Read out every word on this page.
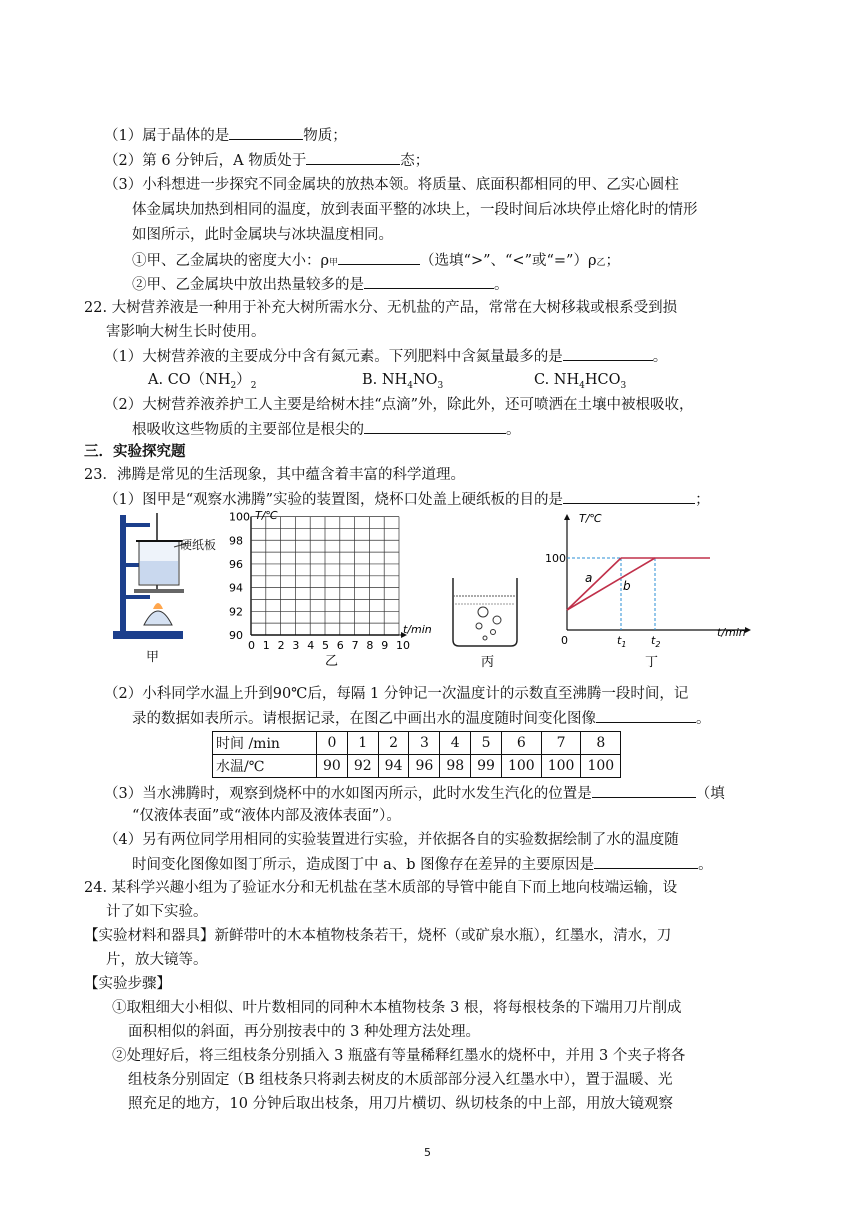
（1）属于晶体的是	物质；
（2）第 6 分钟后，A 物质处于	态；
（3）小科想进一步探究不同金属块的放热本领。将质量、底面积都相同的甲、乙实心圆柱
体金属块加热到相同的温度，放到表面平整的冰块上，一段时间后冰块停止熔化时的情形
如图所示，此时金属块与冰块温度相同。
①甲、乙金属块的密度大小：ρ甲	（选填“>”、“<”或“=”）ρ乙；
②甲、乙金属块中放出热量较多的是	。
22. 大树营养液是一种用于补充大树所需水分、无机盐的产品，常常在大树移栽或根系受到损
害影响大树生长时使用。
（1）大树营养液的主要成分中含有氮元素。下列肥料中含氮量最多的是	。
A. $CO(NH_2)_2$	B. $NH_4NO_3$	C. $NH_4HCO_3$
（2）大树营养液养护工人主要是给树木挂“点滴”外，除此外，还可喷洒在土壤中被根吸收，
根吸收这些物质的主要部位是根尖的	。
三．实验探究题
23．沸腾是常见的生活现象，其中蕴含着丰富的科学道理。
（1）图甲是“观察水沸腾”实验的装置图，烧杯口处盖上硬纸板的目的是	；
硬纸板
甲
T/℃
t/min
90
92
94
96
98
100
0 1 2 3 4 5 6 7 8 9 10
乙	丙
T/℃
t/min
100
0	$t_1$ $t_2$
a
b
丁
（2）小科同学水温上升到90℃后，每隔 1 分钟记一次温度计的示数直至沸腾一段时间，记
录的数据如表所示。请根据记录，在图乙中画出水的温度随时间变化图像	。
时间 /min	0	1	2	3	4	5	6	7	8
水温/℃	90	92	94	96	98	99	100	100	100
（3）当水沸腾时，观察到烧杯中的水如图丙所示，此时水发生汽化的位置是	（填
“仅液体表面”或“液体内部及液体表面”）。
（4）另有两位同学用相同的实验装置进行实验，并依据各自的实验数据绘制了水的温度随
时间变化图像如图丁所示，造成图丁中 a、b 图像存在差异的主要原因是	。
24. 某科学兴趣小组为了验证水分和无机盐在茎木质部的导管中能自下而上地向枝端运输，设
计了如下实验。
【实验材料和器具】新鲜带叶的木本植物枝条若干，烧杯（或矿泉水瓶），红墨水，清水，刀
片，放大镜等。
【实验步骤】
①取粗细大小相似、叶片数相同的同种木本植物枝条 3 根，将每根枝条的下端用刀片削成
面积相似的斜面，再分别按表中的 3 种处理方法处理。
②处理好后，将三组枝条分别插入 3 瓶盛有等量稀释红墨水的烧杯中，并用 3 个夹子将各
组枝条分别固定（B 组枝条只将剥去树皮的木质部部分浸入红墨水中），置于温暖、光
照充足的地方，10 分钟后取出枝条，用刀片横切、纵切枝条的中上部，用放大镜观察
5
